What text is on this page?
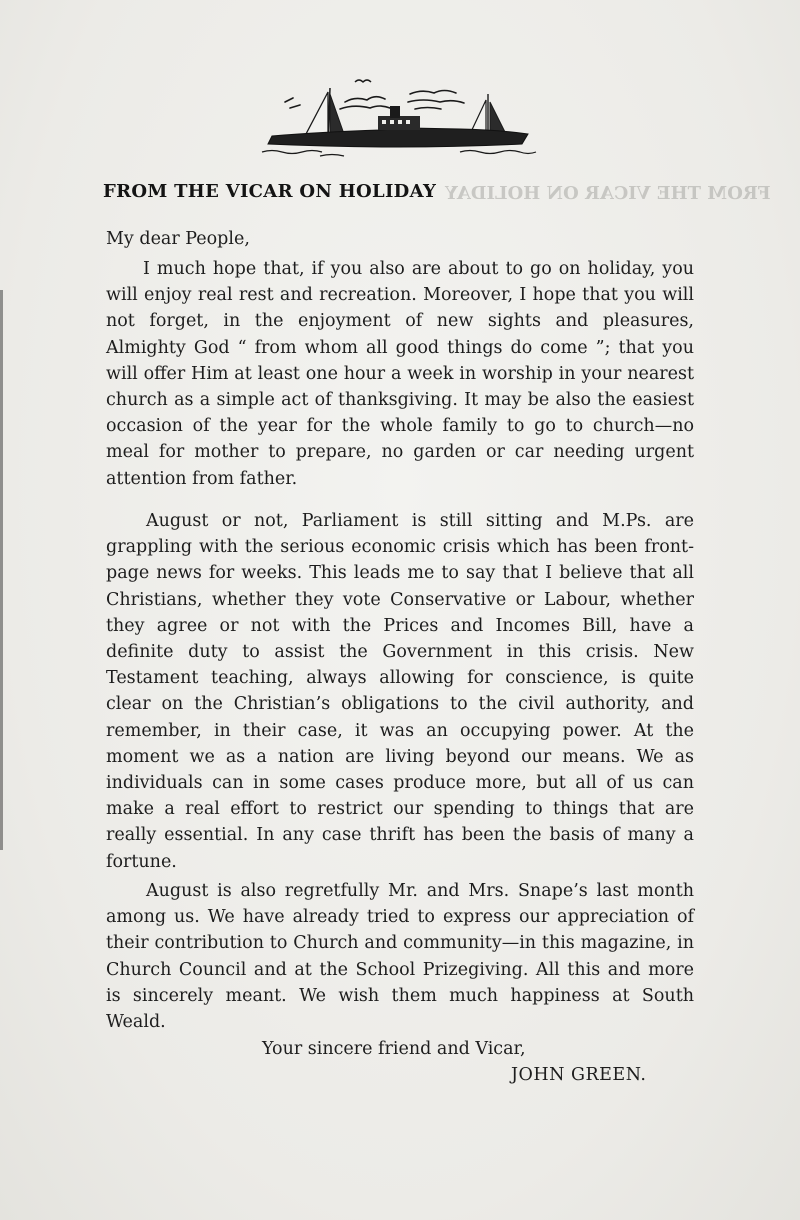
FROM THE VICAR ON HOLIDAY FROM THE VICAR ON HOLIDAY

My dear People,

I much hope that, if you also are about to go on holiday, you will enjoy real rest and recreation. Moreover, I hope that you will not forget, in the enjoyment of new sights and pleasures, Almighty God “ from whom all good things do come ”; that you will offer Him at least one hour a week in worship in your nearest church as a simple act of thanksgiving. It may be also the easiest occasion of the year for the whole family to go to church—no meal for mother to prepare, no garden or car needing urgent attention from father.

August or not, Parliament is still sitting and M.Ps. are grappling with the serious economic crisis which has been front-page news for weeks. This leads me to say that I believe that all Christians, whether they vote Conservative or Labour, whether they agree or not with the Prices and Incomes Bill, have a definite duty to assist the Government in this crisis. New Testament teaching, always allowing for conscience, is quite clear on the Christian’s obligations to the civil authority, and remember, in their case, it was an occupying power. At the moment we as a nation are living beyond our means. We as individuals can in some cases produce more, but all of us can make a real effort to restrict our spending to things that are really essential. In any case thrift has been the basis of many a fortune.

August is also regretfully Mr. and Mrs. Snape’s last month among us. We have already tried to express our appreciation of their contribution to Church and community—in this magazine, in Church Council and at the School Prizegiving. All this and more is sincerely meant. We wish them much happiness at South Weald.

Your sincere friend and Vicar,

JOHN GREEN.
